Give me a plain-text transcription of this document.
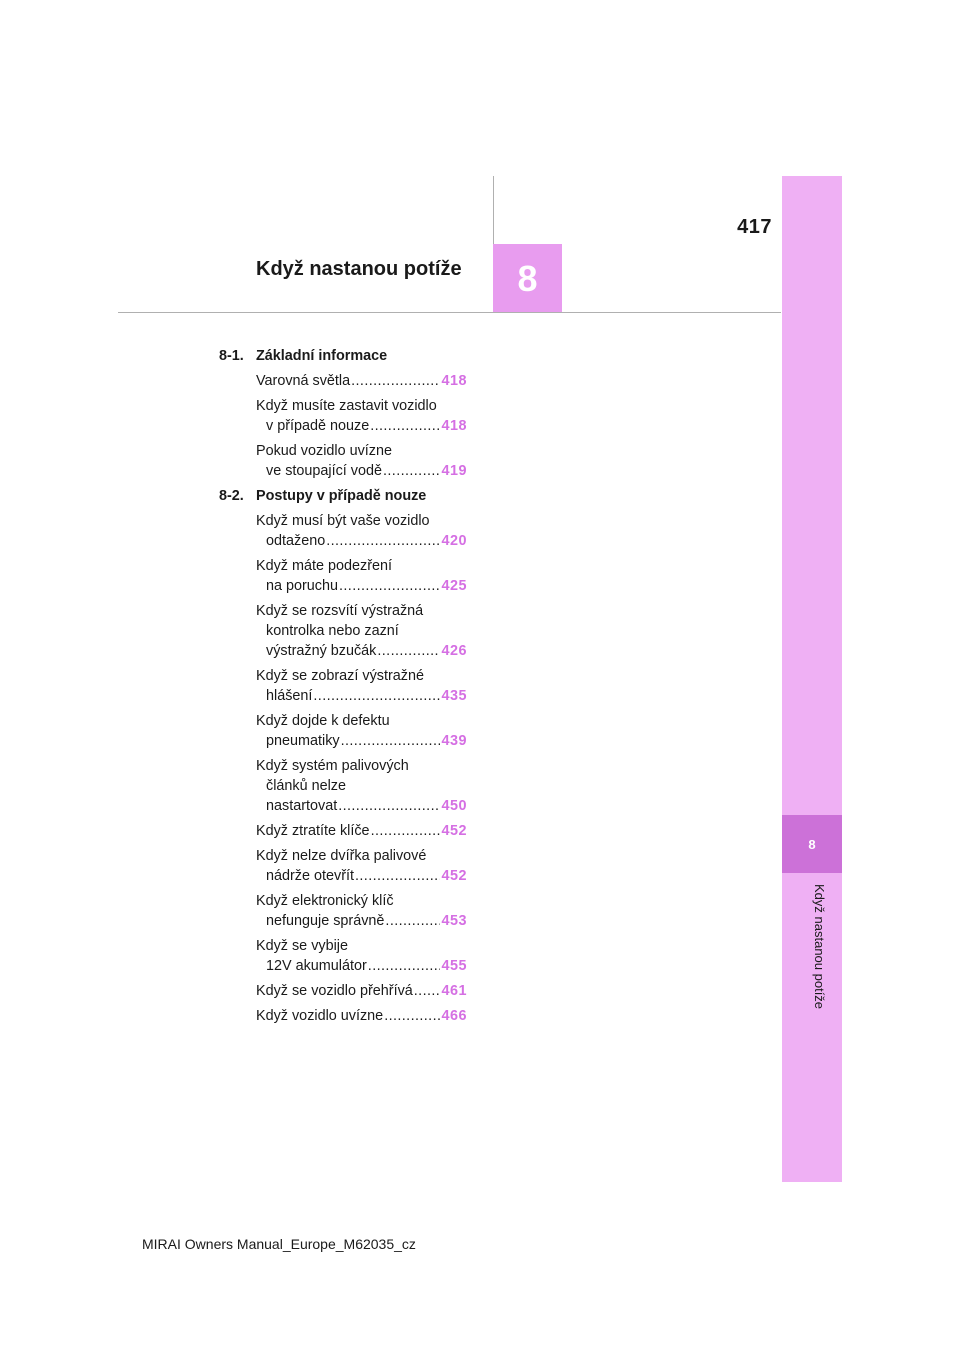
417
Když nastanou potíže 8
8
Když nastanou potíže
8-1. Základní informace
Varovná světla .....	418
Když musíte zastavit vozidlo
v případě nouze .....	418
Pokud vozidlo uvízne
ve stoupající vodě .....	419
8-2. Postupy v případě nouze
Když musí být vaše vozidlo
odtaženo .....	420
Když máte podezření
na poruchu .....	425
Když se rozsvítí výstražná
kontrolka nebo zazní
výstražný bzučák .....	426
Když se zobrazí výstražné
hlášení .....	435
Když dojde k defektu
pneumatiky .....	439
Když systém palivových
článků nelze
nastartovat .....	450
Když ztratíte klíče .....	452
Když nelze dvířka palivové
nádrže otevřít .....	452
Když elektronický klíč
nefunguje správně .....	453
Když se vybije
12V akumulátor .....	455
Když se vozidlo přehřívá ..... 461
Když vozidlo uvízne .....	466
MIRAI Owners Manual_Europe_M62035_cz
